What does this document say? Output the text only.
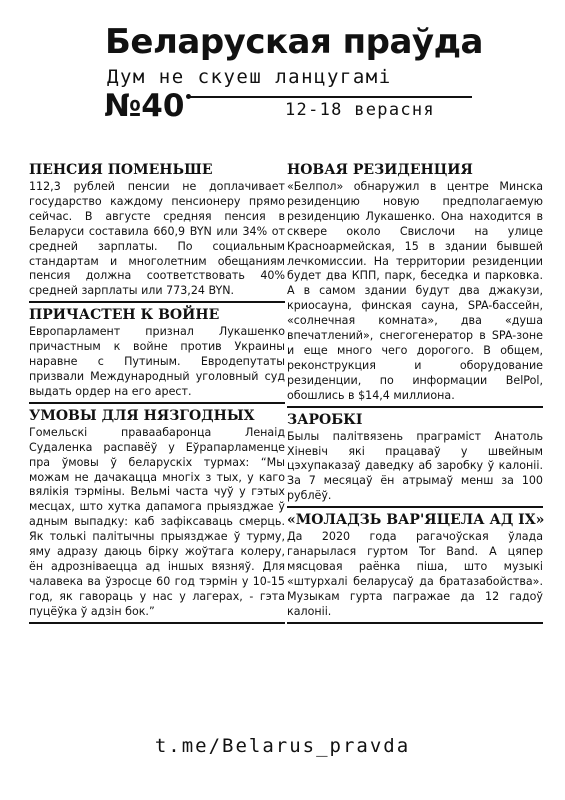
Беларуская праўда
Дум не скуеш ланцугамі
№40	12-18 верасня
ПЕНСИЯ ПОМЕНЬШЕ

112,3 рублей пенсии не доплачивает государство каждому пенсионеру прямо сейчас. В августе средняя пенсия в Беларуси составила 660,9 BYN или 34% от средней зарплаты. По социальным стандартам и многолетним обещаниям пенсия должна соответствовать 40% средней зарплаты или 773,24 BYN.

ПРИЧАСТЕН К ВОЙНЕ

Европарламент признал Лукашенко причастным к войне против Украины наравне с Путиным. Евродепутаты призвали Международный уголовный суд выдать ордер на его арест.

УМОВЫ ДЛЯ НЯЗГОДНЫХ

Гомельскі праваабаронца Ленаід Судаленка распавёў у Еўрапарламенце пра ўмовы ў беларускіх турмах: “Мы можам не дачакацца многіх з тых, у каго вялікія тэрміны. Вельмі часта чуў у гэтых месцах, што хутка дапамога прыязджае ў адным выпадку: каб зафіксаваць смерць. Як толькі палітычны прыязджае ў турму, яму адразу даюць бірку жоўтага колеру, ён адрозніваецца ад іншых вязняў. Для чалавека ва ўзросце 60 год тэрмін у 10-15 год, як гавораць у нас у лагерах, - гэта пуцёўка ў адзін бок.”

НОВАЯ РЕЗИДЕНЦИЯ

«Белпол» обнаружил в центре Минска резиденцию новую предполагаемую резиденцию Лукашенко. Она находится в сквере около Свислочи на улице Красноармейская, 15 в здании бывшей лечкомиссии. На территории резиденции будет два КПП, парк, беседка и парковка. А в самом здании будут два джакузи, криосауна, финская сауна, SPA-бассейн, «солнечная комната», два «душа впечатлений», снегогенератор в SPA-зоне и еще много чего дорогого. В общем, реконструкция и оборудование резиденции, по информации BelPol, обошлись в $14,4 миллиона.

ЗАРОБКІ

Былы палітвязень праграміст Анатоль Хіневіч які працаваў у швейным цэхупаказаў даведку аб заробку ў калоніі. За 7 месяцаў ён атрымаў менш за 100 рублёў.

«МОЛАДЗЬ ВАР'ЯЦЕЛА АД IX»

Да 2020 года рагачоўская ўлада ганарылася гуртом Tor Band. А цяпер мясцовая раёнка піша, што музыкі «штурхалі беларусаў да братазабойства». Музыкам гурта пагражае да 12 гадоў калоніі.

t.me/Belarus_pravda
